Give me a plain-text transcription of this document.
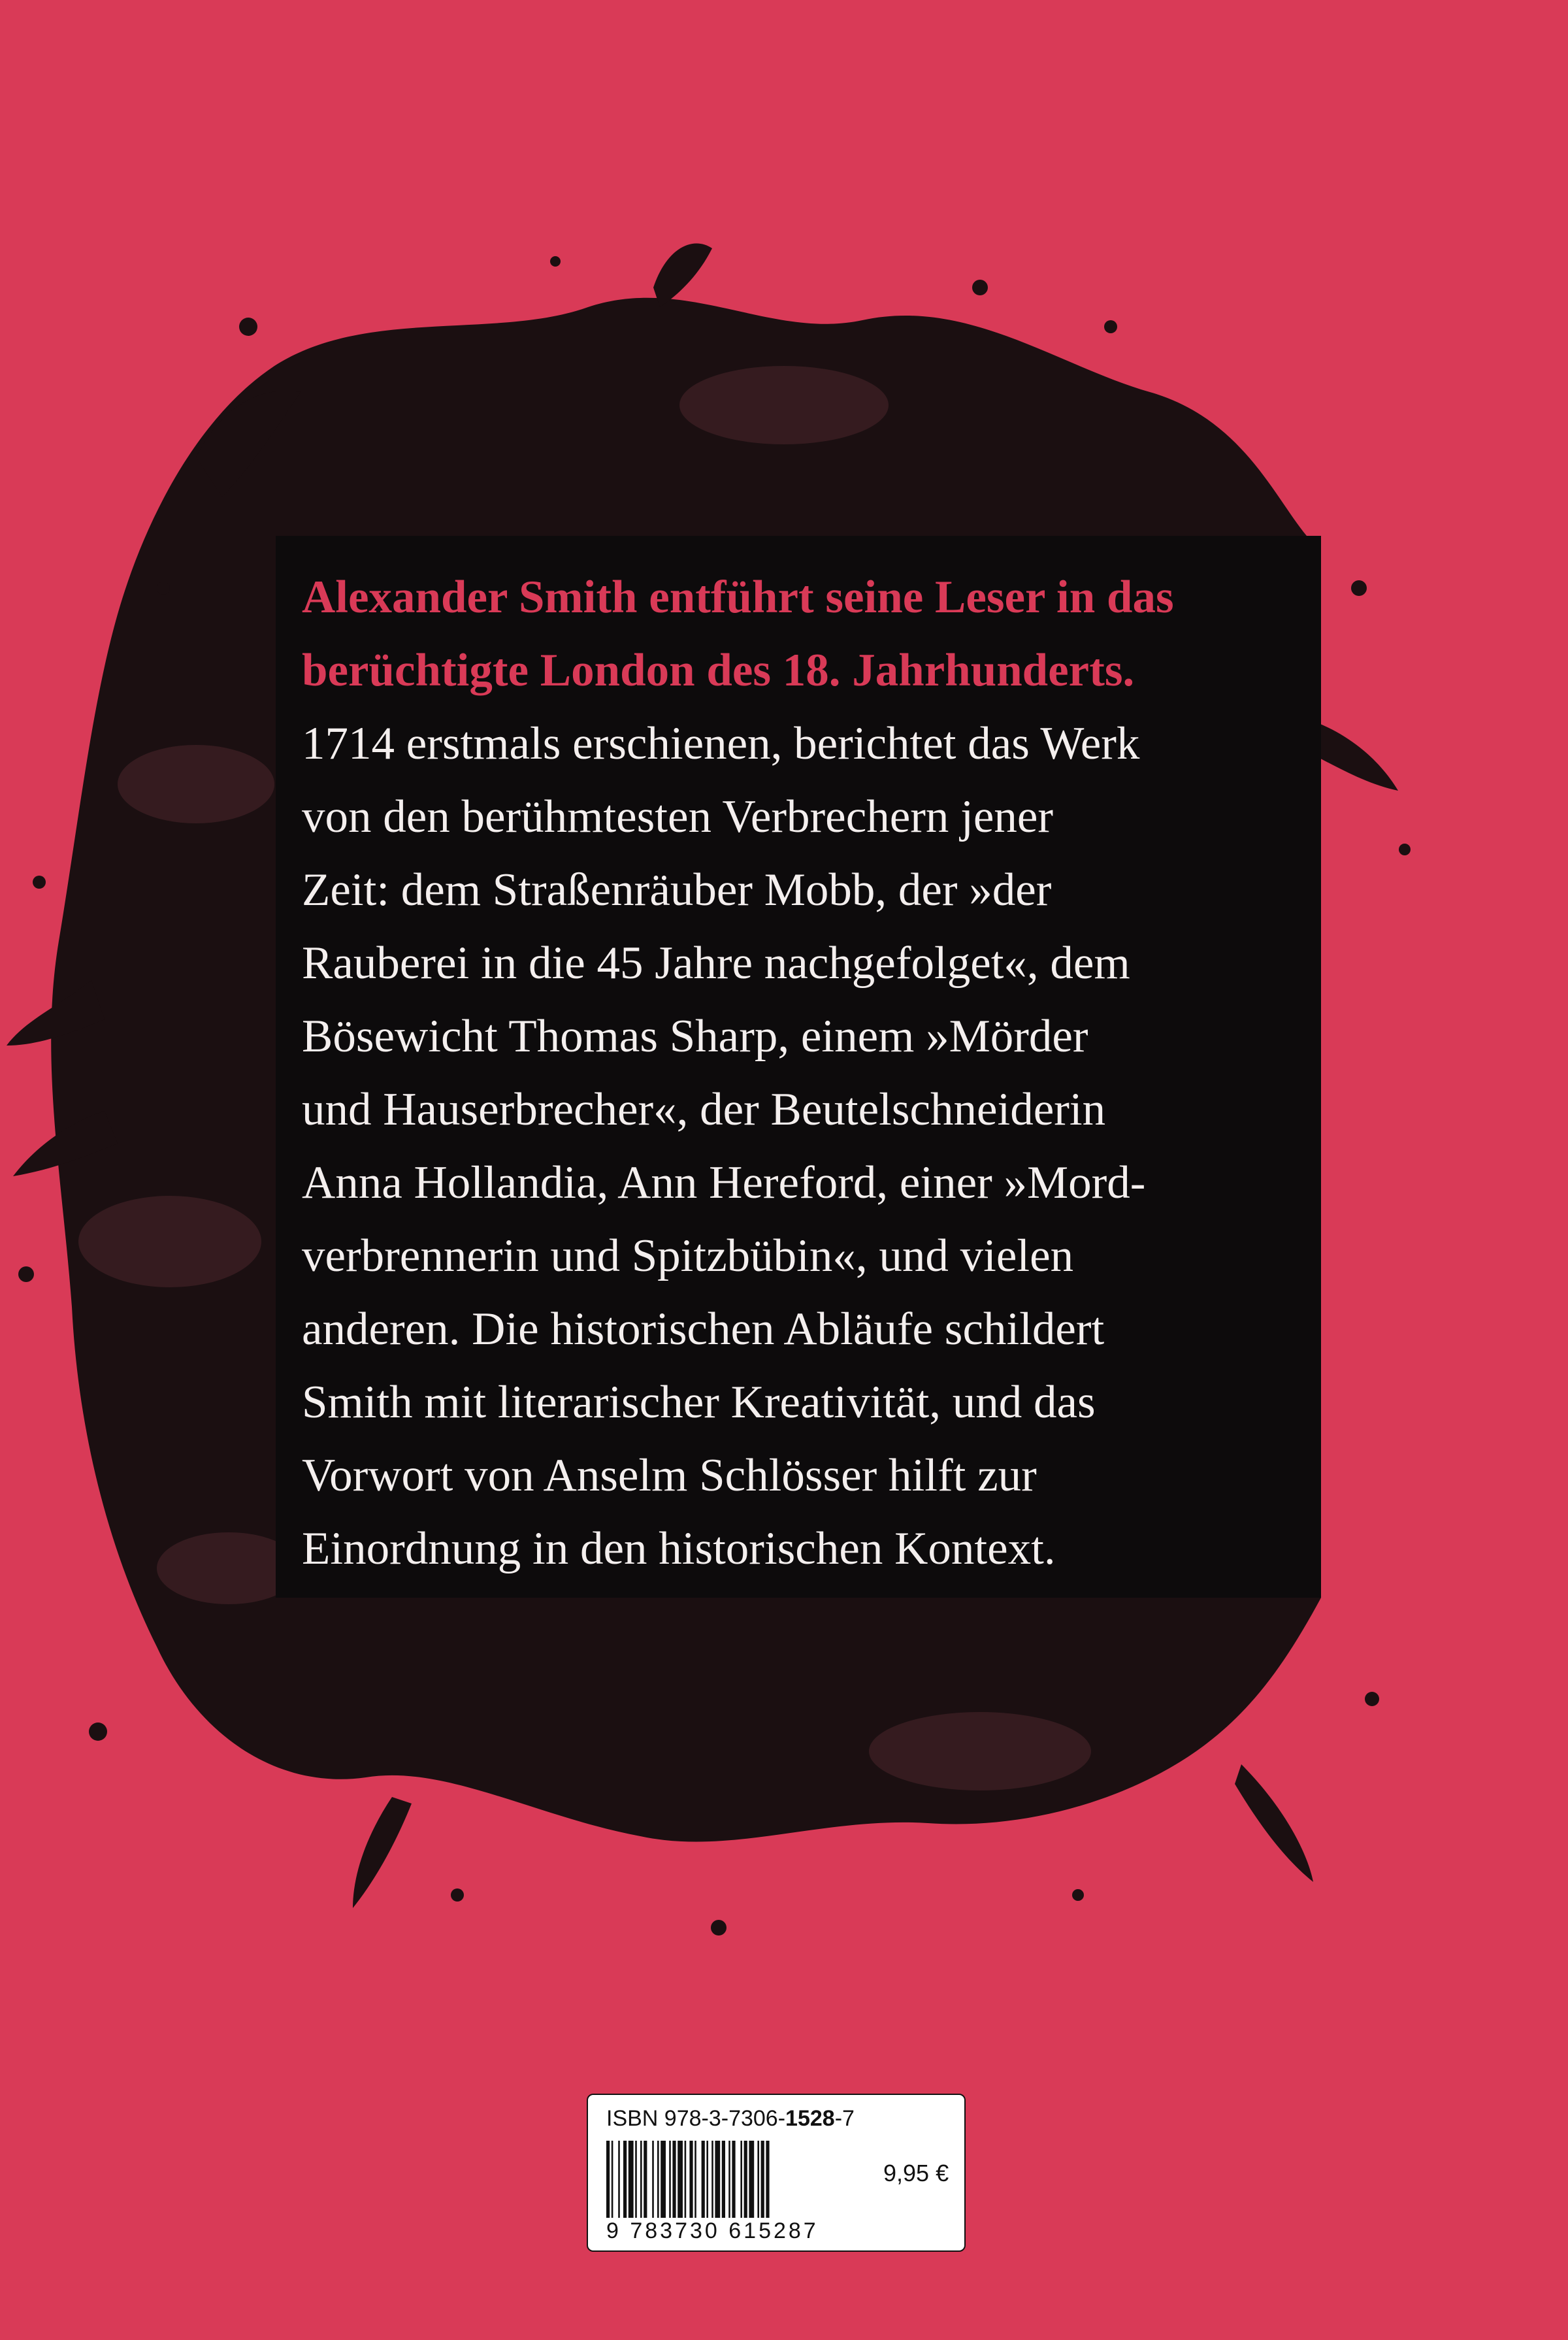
Alexander Smith entführt seine Leser in das
berüchtigte London des 18. Jahrhunderts.
1714 erstmals erschienen, berichtet das Werk
von den berühmtesten Verbrechern jener
Zeit: dem Straßenräuber Mobb, der »der
Rauberei in die 45 Jahre nachgefolget«, dem
Bösewicht Thomas Sharp, einem »Mörder
und Hauserbrecher«, der Beutelschneiderin
Anna Hollandia, Ann Hereford, einer »Mord-
verbrennerin und Spitzbübin«, und vielen
anderen. Die historischen Abläufe schildert
Smith mit literarischer Kreativität, und das
Vorwort von Anselm Schlösser hilft zur
Einordnung in den historischen Kontext.
ISBN 978-3-7306-1528-7
9 783730 615287
9,95 €
